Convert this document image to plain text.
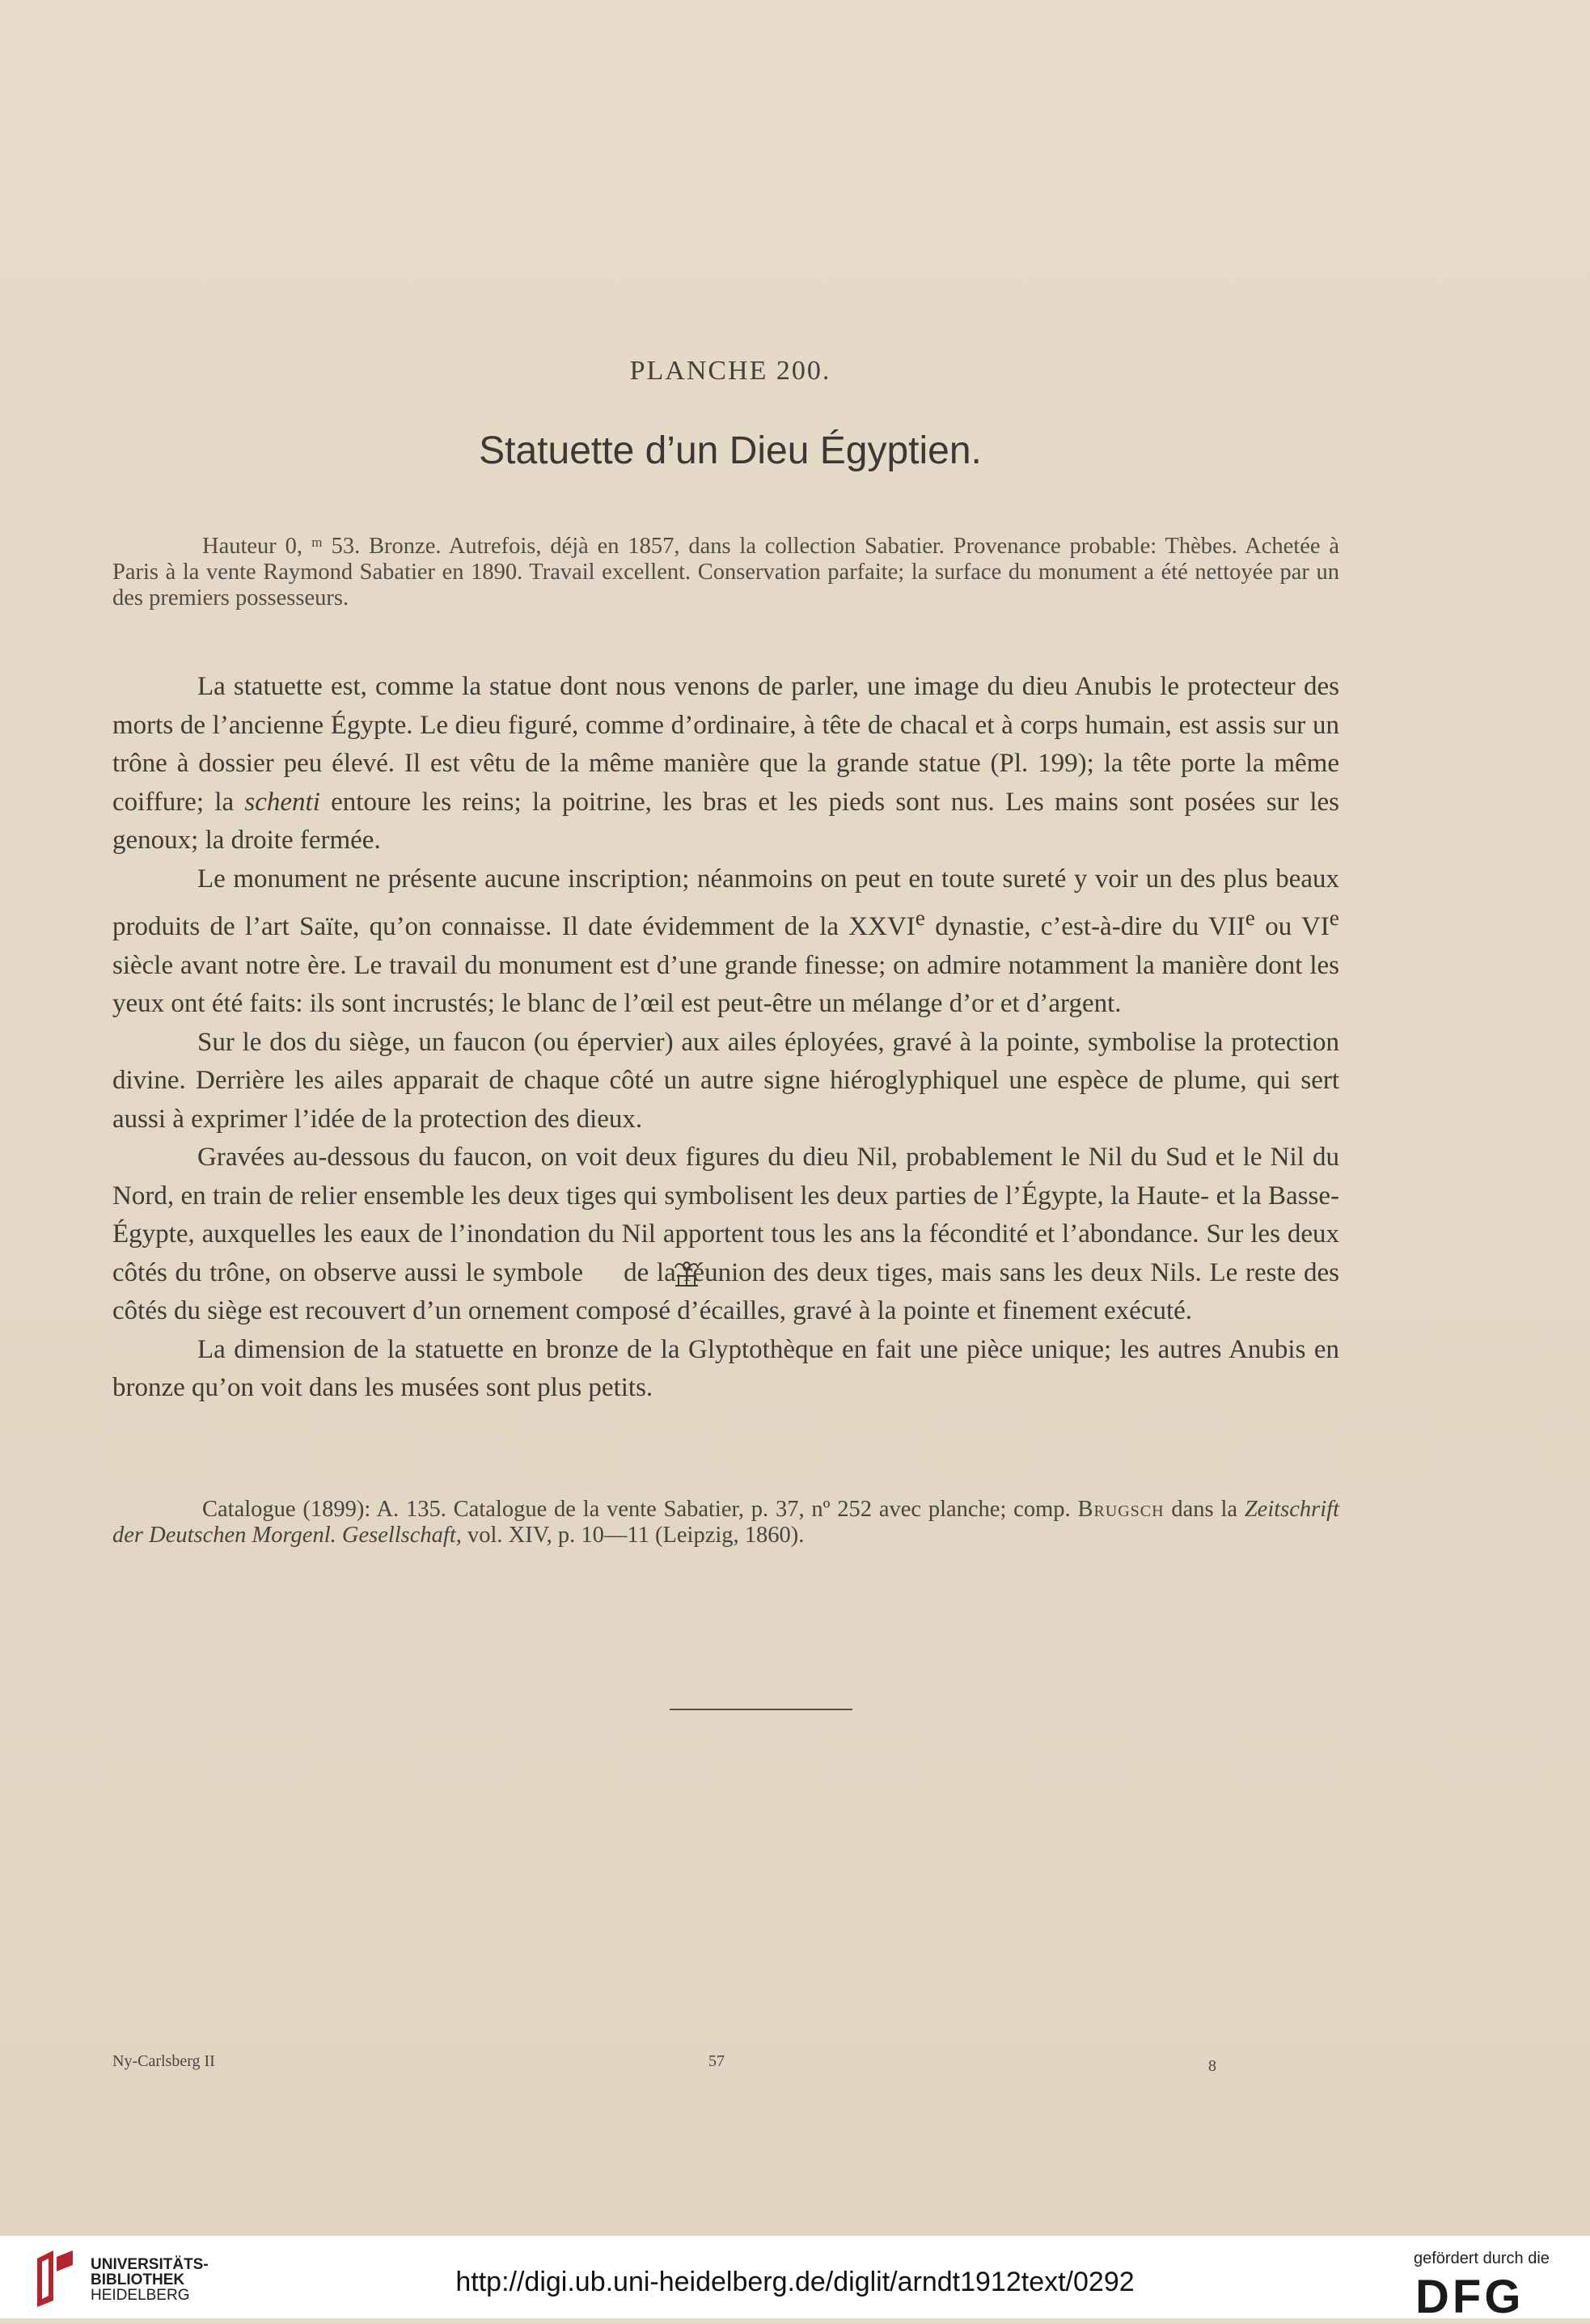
PLANCHE 200.
Statuette d’un Dieu Égyptien.

Hauteur 0, ᵐ 53. Bronze. Autrefois, déjà en 1857, dans la collection Sabatier. Provenance probable: Thèbes. Achetée à Paris à la vente Raymond Sabatier en 1890. Travail excellent. Conservation parfaite; la surface du monument a été nettoyée par un des premiers possesseurs.

La statuette est, comme la statue dont nous venons de parler, une image du dieu Anubis le protecteur des morts de l’ancienne Égypte. Le dieu figuré, comme d’ordinaire, à tête de chacal et à corps humain, est assis sur un trône à dossier peu élevé. Il est vêtu de la même manière que la grande statue (Pl. 199); la tête porte la même coiffure; la schenti entoure les reins; la poitrine, les bras et les pieds sont nus. Les mains sont posées sur les genoux; la droite fermée.

Le monument ne présente aucune inscription; néanmoins on peut en toute sureté y voir un des plus beaux produits de l’art Saïte, qu’on connaisse. Il date évidemment de la XXVIe dynastie, c’est-à-dire du VIIe ou VIe siècle avant notre ère. Le travail du monument est d’une grande finesse; on admire notamment la manière dont les yeux ont été faits: ils sont incrustés; le blanc de l’œil est peut-être un mélange d’or et d’argent.

Sur le dos du siège, un faucon (ou épervier) aux ailes éployées, gravé à la pointe, symbolise la protection divine. Derrière les ailes apparait de chaque côté un autre signe hiéroglyphiquel une espèce de plume, qui sert aussi à exprimer l’idée de la protection des dieux.

Gravées au-dessous du faucon, on voit deux figures du dieu Nil, probablement le Nil du Sud et le Nil du Nord, en train de relier ensemble les deux tiges qui symbolisent les deux parties de l’Égypte, la Haute- et la Basse-Égypte, auxquelles les eaux de l’inondation du Nil apportent tous les ans la fécondité et l’abondance. Sur les deux côtés du trône, on observe aussi le symbole de la réunion des deux tiges, mais sans les deux Nils. Le reste des côtés du siège est recouvert d’un ornement composé d’écailles, gravé à la pointe et finement exécuté.

La dimension de la statuette en bronze de la Glyptothèque en fait une pièce unique; les autres Anubis en bronze qu’on voit dans les musées sont plus petits.

Catalogue (1899): A. 135. Catalogue de la vente Sabatier, p. 37, nº 252 avec planche; comp. Brugsch dans la Zeitschrift der Deutschen Morgenl. Gesellschaft, vol. XIV, p. 10—11 (Leipzig, 1860).

Ny-Carlsberg II	57	8
UNIVERSITÄTS-
BIBLIOTHEK
HEIDELBERG	http://digi.ub.uni-heidelberg.de/diglit/arndt1912text/0292
gefördert durch die
DFG
